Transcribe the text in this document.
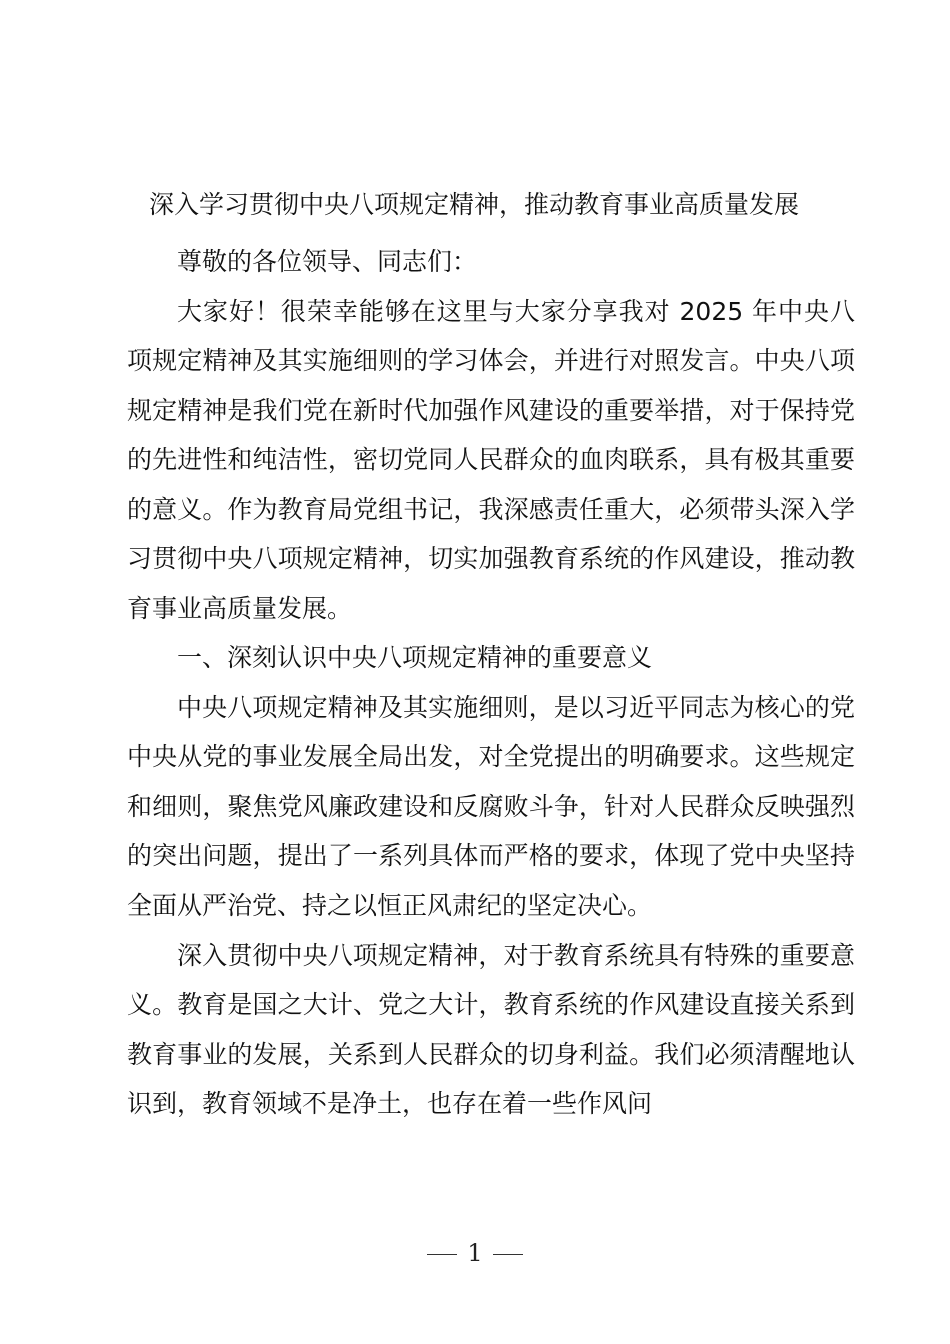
深入学习贯彻中央八项规定精神，推动教育事业高质量发展

尊敬的各位领导、同志们：

大家好！很荣幸能够在这里与大家分享我对 2025 年中央八项规定精神及其实施细则的学习体会，并进行对照发言。中央八项规定精神是我们党在新时代加强作风建设的重要举措，对于保持党的先进性和纯洁性，密切党同人民群众的血肉联系，具有极其重要的意义。作为教育局党组书记，我深感责任重大，必须带头深入学习贯彻中央八项规定精神，切实加强教育系统的作风建设，推动教育事业高质量发展。

一、深刻认识中央八项规定精神的重要意义

中央八项规定精神及其实施细则，是以习近平同志为核心的党中央从党的事业发展全局出发，对全党提出的明确要求。这些规定和细则，聚焦党风廉政建设和反腐败斗争，针对人民群众反映强烈的突出问题，提出了一系列具体而严格的要求，体现了党中央坚持全面从严治党、持之以恒正风肃纪的坚定决心。

深入贯彻中央八项规定精神，对于教育系统具有特殊的重要意义。教育是国之大计、党之大计，教育系统的作风建设直接关系到教育事业的发展，关系到人民群众的切身利益。我们必须清醒地认识到，教育领域不是净土，也存在着一些作风问

1
